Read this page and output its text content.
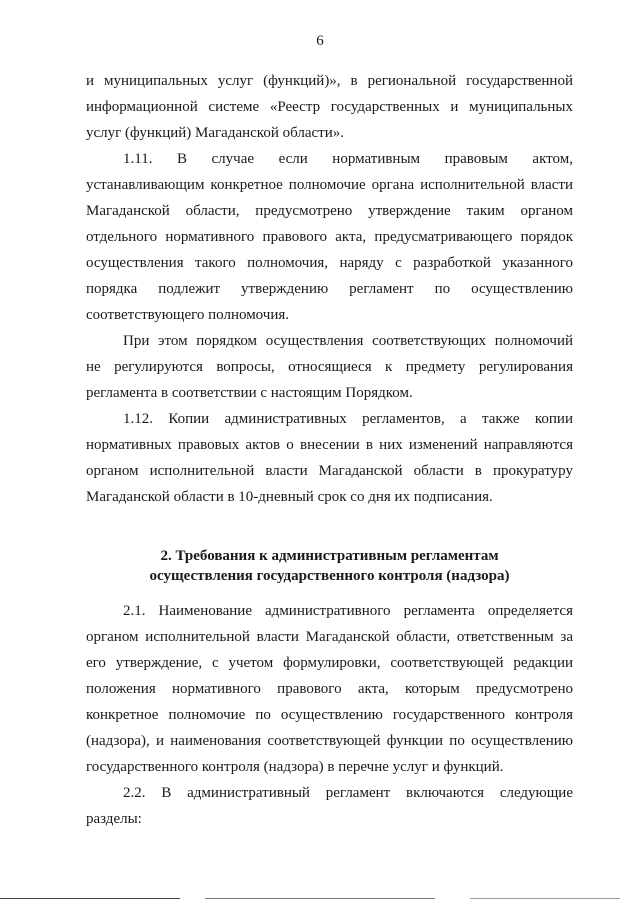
6

и муниципальных услуг (функций)», в региональной государственной

информационной системе «Реестр государственных и муниципальных

услуг (функций) Магаданской области».

1.11. В случае если нормативным правовым актом,

устанавливающим конкретное полномочие органа исполнительной власти

Магаданской области, предусмотрено утверждение таким органом

отдельного нормативного правового акта, предусматривающего порядок

осуществления такого полномочия, наряду с разработкой указанного

порядка подлежит утверждению регламент по осуществлению

соответствующего полномочия.

При этом порядком осуществления соответствующих полномочий

не регулируются вопросы, относящиеся к предмету регулирования

регламента в соответствии с настоящим Порядком.

1.12. Копии административных регламентов, а также копии

нормативных правовых актов о внесении в них изменений направляются

органом исполнительной власти Магаданской области в прокуратуру

Магаданской области в 10-дневный срок со дня их подписания.

2. Требования к административным регламентам
осуществления государственного контроля (надзора)

2.1. Наименование административного регламента определяется

органом исполнительной власти Магаданской области, ответственным за

его утверждение, с учетом формулировки, соответствующей редакции

положения нормативного правового акта, которым предусмотрено

конкретное полномочие по осуществлению государственного контроля

(надзора), и наименования соответствующей функции по осуществлению

государственного контроля (надзора) в перечне услуг и функций.

2.2. В административный регламент включаются следующие

разделы:
